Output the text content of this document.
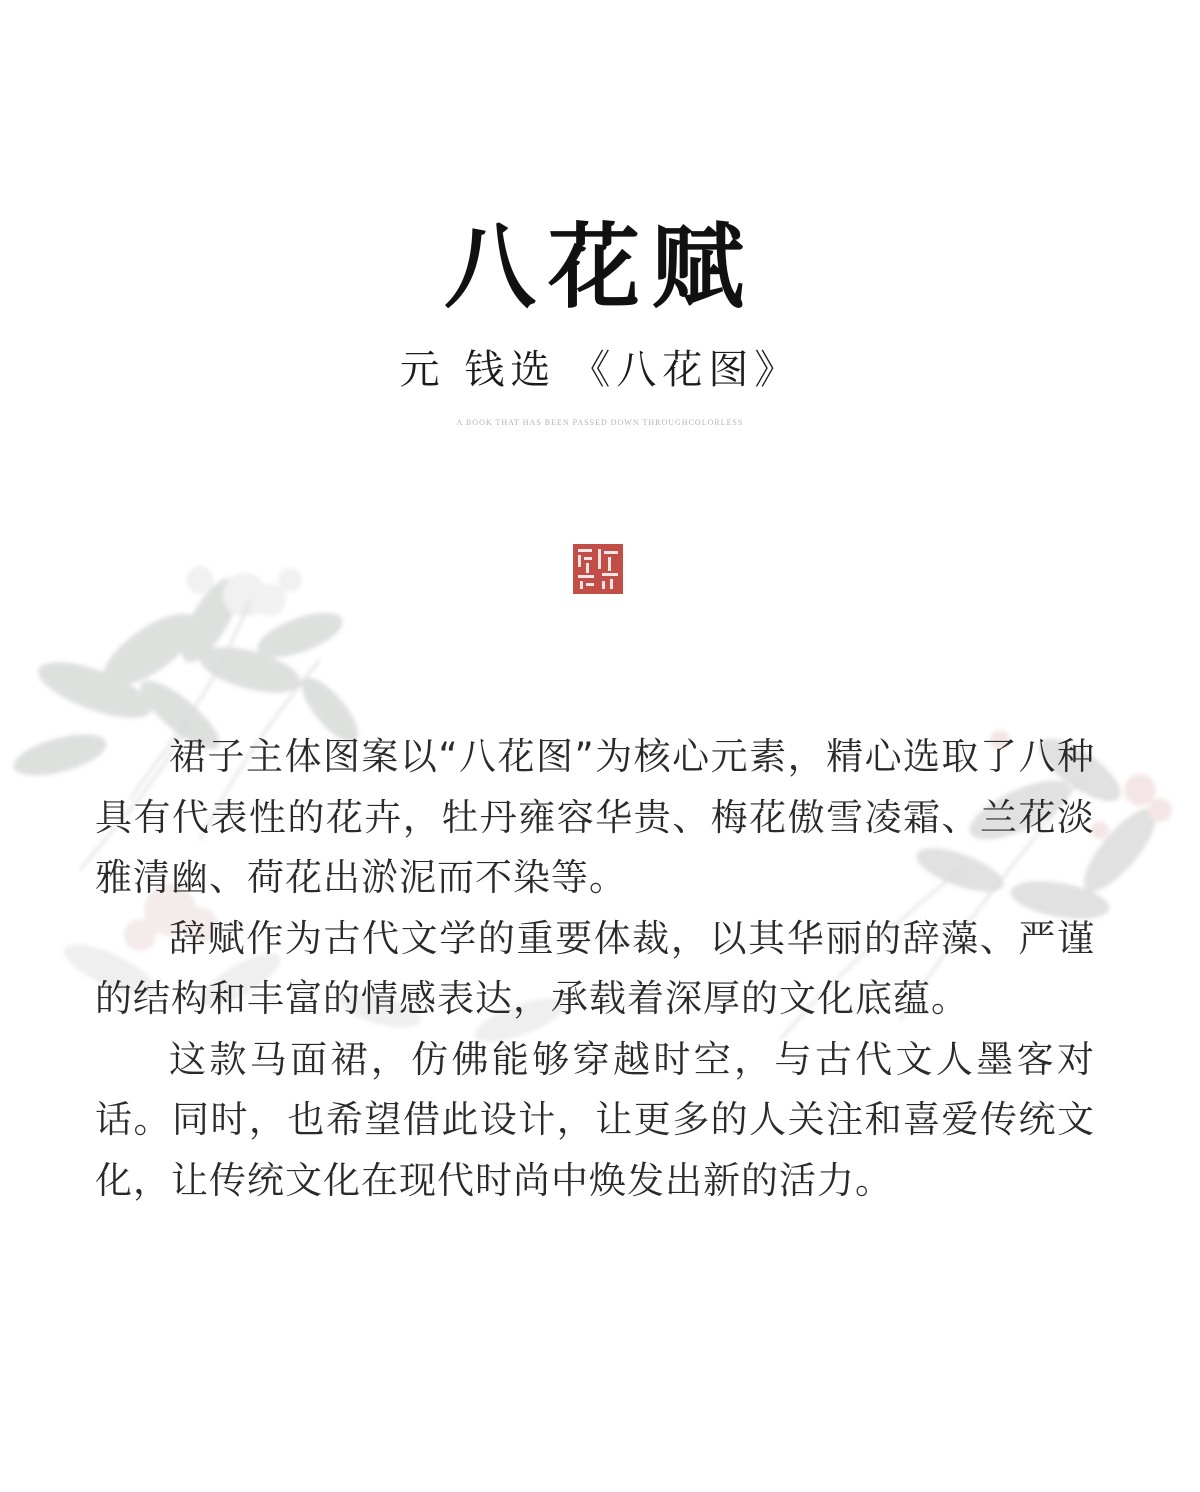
八花赋
元 钱选 《八花图》
A BOOK THAT HAS BEEN PASSED DOWN THROUGHCOLORLESS

裙子主体图案以“八花图”为核心元素，精心选取了八种具有代表性的花卉，牡丹雍容华贵、梅花傲雪凌霜、兰花淡雅清幽、荷花出淤泥而不染等。

辞赋作为古代文学的重要体裁，以其华丽的辞藻、严谨的结构和丰富的情感表达，承载着深厚的文化底蕴。

这款马面裙，仿佛能够穿越时空，与古代文人墨客对话。同时，也希望借此设计，让更多的人关注和喜爱传统文化，让传统文化在现代时尚中焕发出新的活力。
